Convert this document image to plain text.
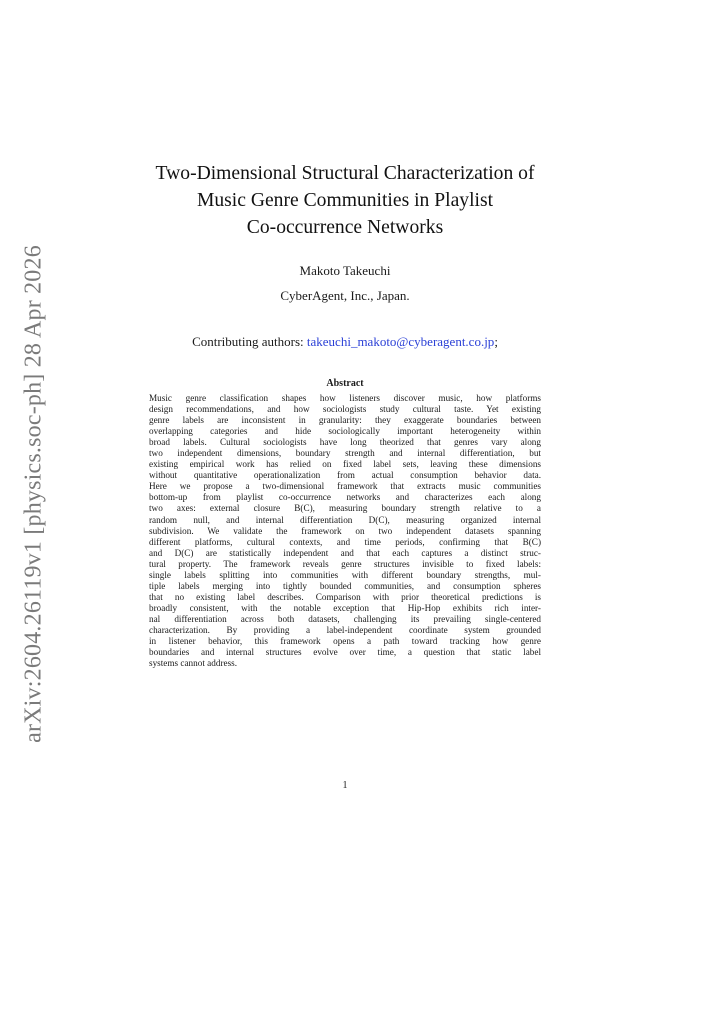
arXiv:2604.26119v1 [physics.soc-ph] 28 Apr 2026
Two-Dimensional Structural Characterization of
Music Genre Communities in Playlist
Co-occurrence Networks
Makoto Takeuchi
CyberAgent, Inc., Japan.
Contributing authors: takeuchi_makoto@cyberagent.co.jp;
Abstract
Music genre classification shapes how listeners discover music, how platforms
design recommendations, and how sociologists study cultural taste. Yet existing
genre labels are inconsistent in granularity: they exaggerate boundaries between
overlapping categories and hide sociologically important heterogeneity within
broad labels. Cultural sociologists have long theorized that genres vary along
two independent dimensions, boundary strength and internal differentiation, but
existing empirical work has relied on fixed label sets, leaving these dimensions
without quantitative operationalization from actual consumption behavior data.
Here we propose a two-dimensional framework that extracts music communities
bottom-up from playlist co-occurrence networks and characterizes each along
two axes: external closure B(C), measuring boundary strength relative to a
random null, and internal differentiation D(C), measuring organized internal
subdivision. We validate the framework on two independent datasets spanning
different platforms, cultural contexts, and time periods, confirming that B(C)
and D(C) are statistically independent and that each captures a distinct struc-
tural property. The framework reveals genre structures invisible to fixed labels:
single labels splitting into communities with different boundary strengths, mul-
tiple labels merging into tightly bounded communities, and consumption spheres
that no existing label describes. Comparison with prior theoretical predictions is
broadly consistent, with the notable exception that Hip-Hop exhibits rich inter-
nal differentiation across both datasets, challenging its prevailing single-centered
characterization. By providing a label-independent coordinate system grounded
in listener behavior, this framework opens a path toward tracking how genre
boundaries and internal structures evolve over time, a question that static label
systems cannot address.
1
